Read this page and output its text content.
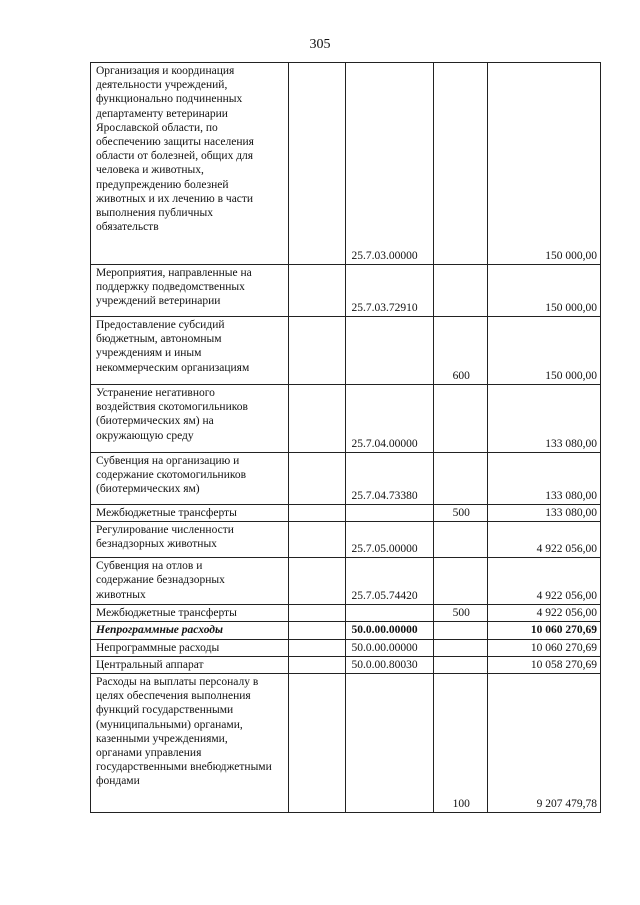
305
Организация и координация деятельности учреждений, функционально подчиненных департаменту ветеринарии Ярославской области, по обеспечению защиты населения области от болезней, общих для человека и животных, предупреждению болезней животных и их лечению в части выполнения публичных обязательств		25.7.03.00000		150 000,00

Мероприятия, направленные на поддержку подведомственных учреждений ветеринарии		25.7.03.72910		150 000,00

Предоставление субсидий бюджетным, автономным учреждениям и иным некоммерческим организациям			600	150 000,00

Устранение негативного воздействия скотомогильников (биотермических ям) на окружающую среду		25.7.04.00000		133 080,00

Субвенция на организацию и содержание скотомогильников (биотермических ям)		25.7.04.73380		133 080,00

Межбюджетные трансферты			500	133 080,00

Регулирование численности безнадзорных животных		25.7.05.00000		4 922 056,00

Субвенция на отлов и содержание безнадзорных животных		25.7.05.74420		4 922 056,00

Межбюджетные трансферты			500	4 922 056,00

Непрограммные расходы		50.0.00.00000		10 060 270,69

Непрограммные расходы		50.0.00.00000		10 060 270,69

Центральный аппарат		50.0.00.80030		10 058 270,69

Расходы на выплаты персоналу в целях обеспечения выполнения функций государственными (муниципальными) органами, казенными учреждениями, органами управления государственными внебюджетными фондами			100	9 207 479,78
